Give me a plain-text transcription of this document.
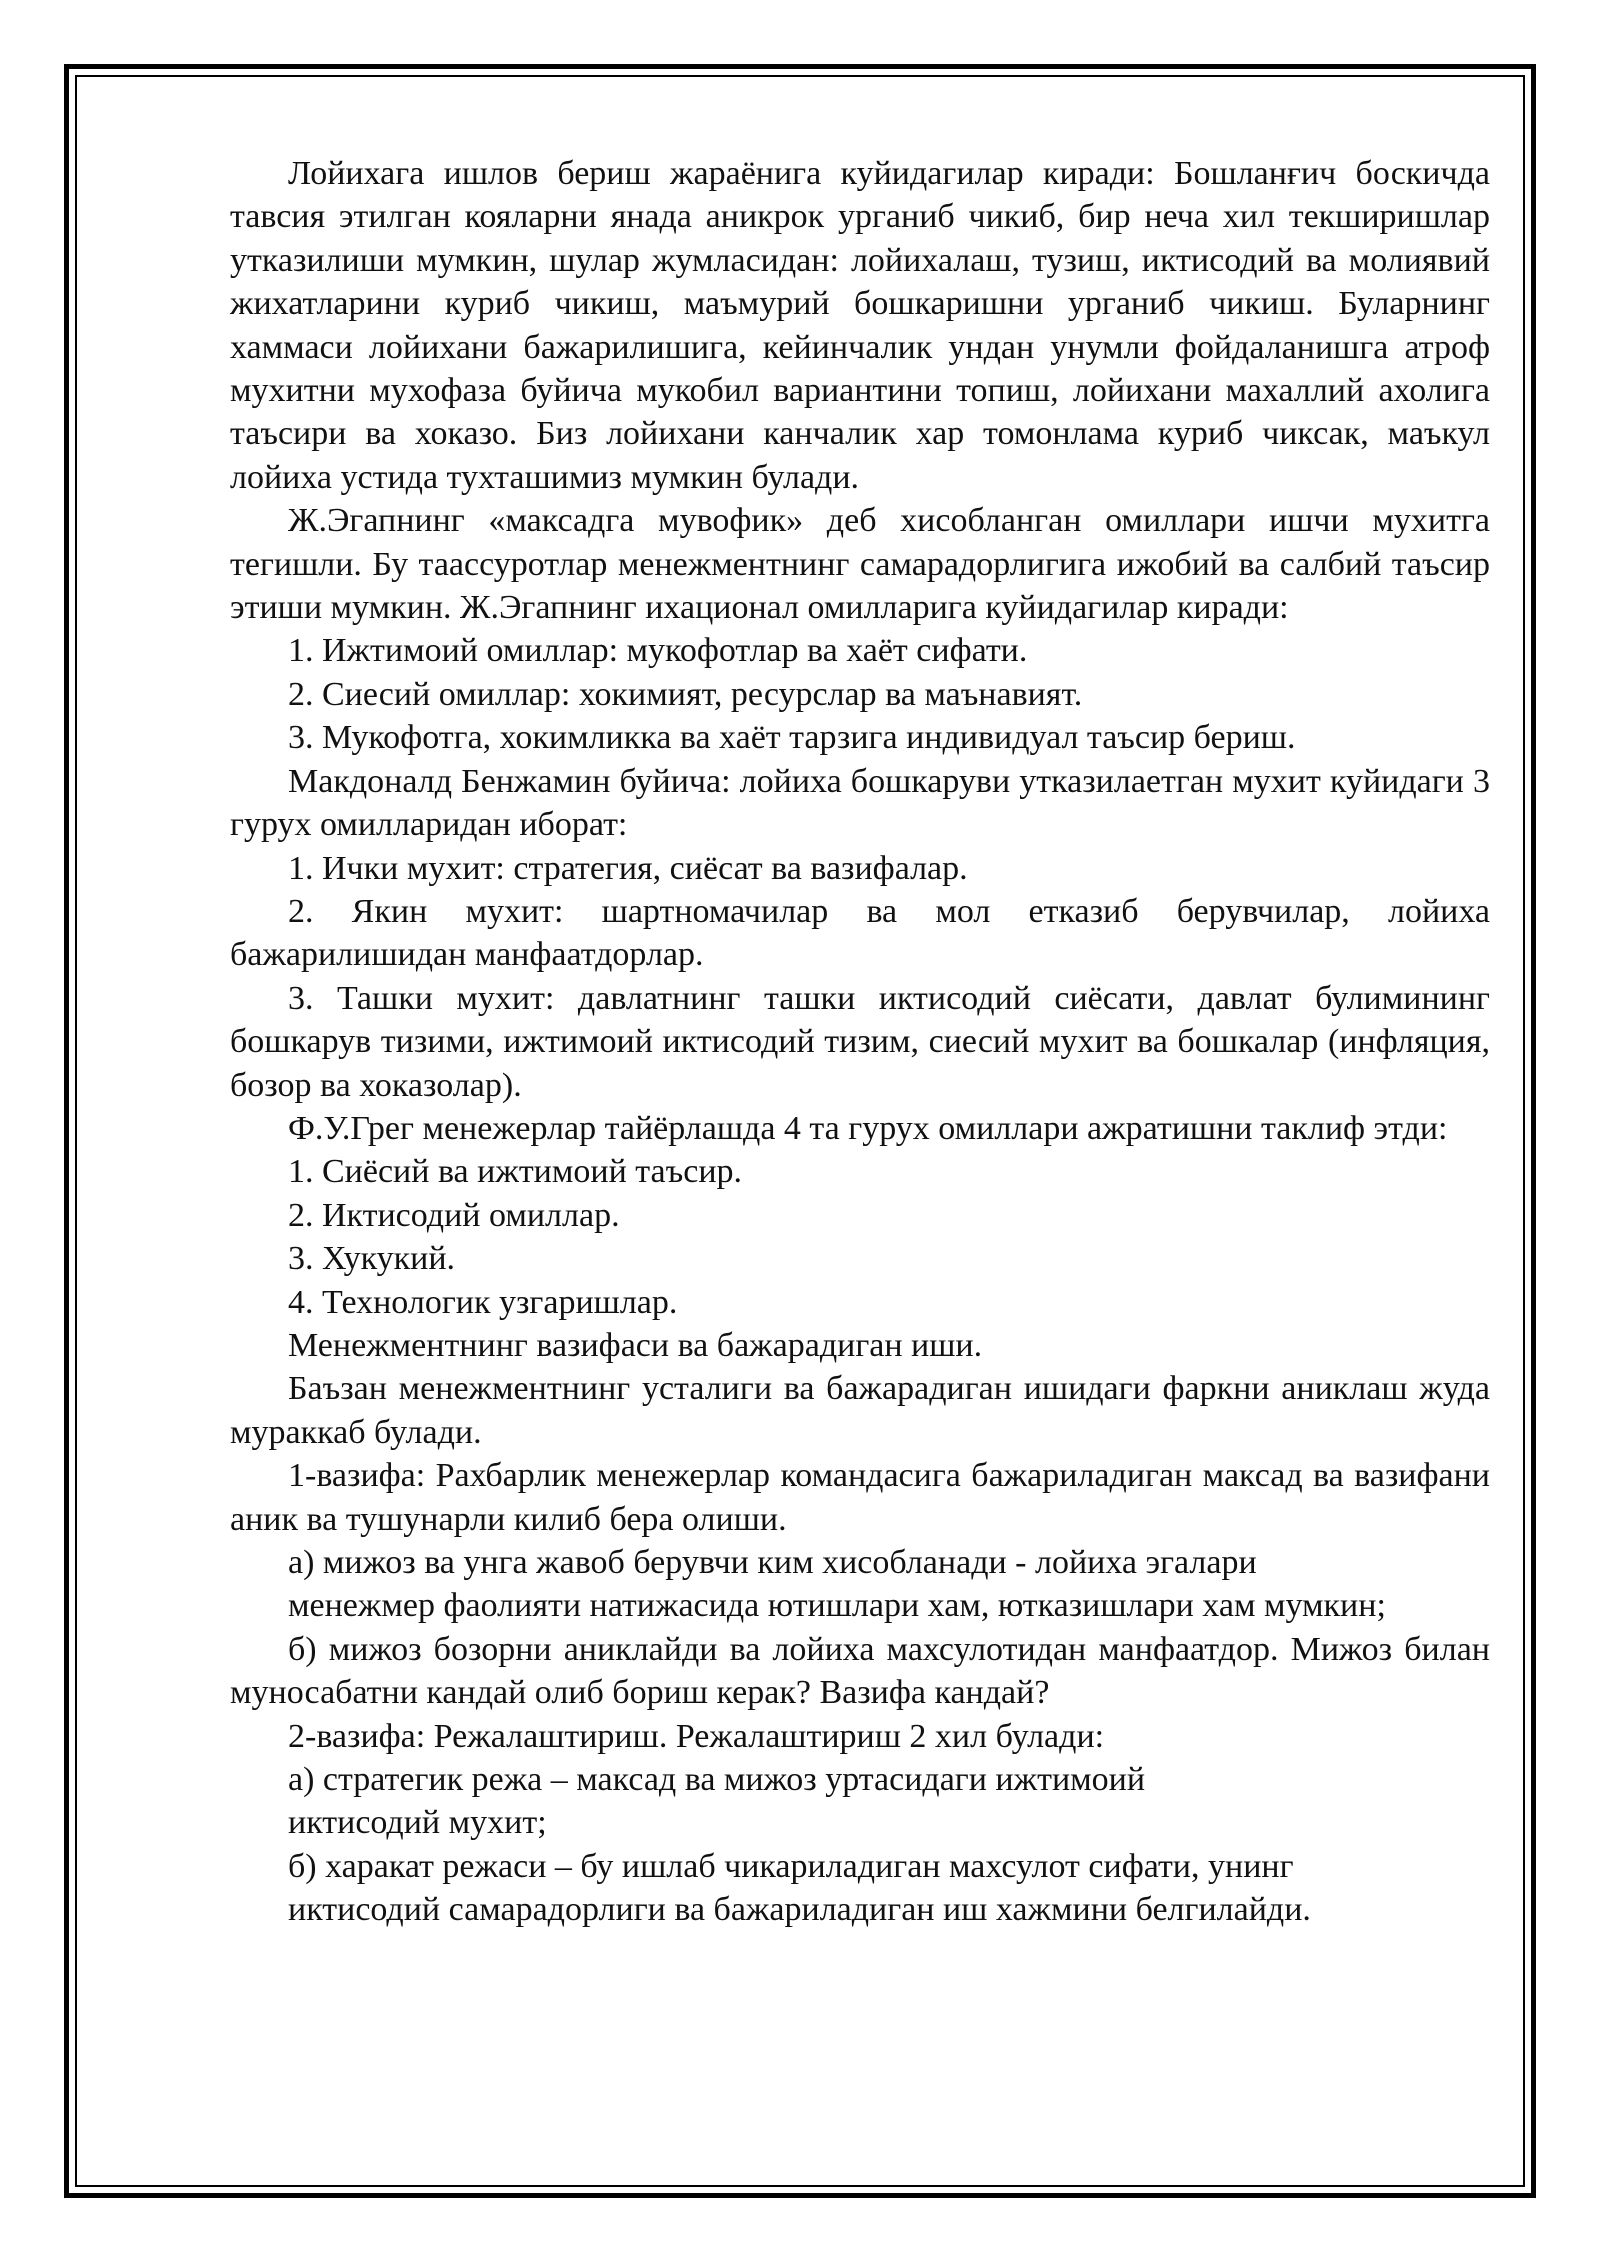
Лойихага ишлов бериш жараёнига куйидагилар киради: Бошланғич боскичда тавсия этилган кояларни янада аникрок урганиб чикиб, бир неча хил текширишлар утказилиши мумкин, шулар жумласидан: лойихалаш, тузиш, иктисодий ва молиявий жихатларини куриб чикиш, маъмурий бошкаришни урганиб чикиш. Буларнинг хаммаси лойихани бажарилишига, кейинчалик ундан унумли фойдаланишга атроф мухитни мухофаза буйича мукобил вариантини топиш, лойихани махаллий ахолига таъсири ва хоказо. Биз лойихани канчалик хар томонлама куриб чиксак, маъкул лойиха устида тухташимиз мумкин булади.

Ж.Эгапнинг «максадга мувофик» деб хисобланган омиллари ишчи мухитга тегишли. Бу таассуротлар менежментнинг самарадорлигига ижобий ва салбий таъсир этиши мумкин. Ж.Эгапнинг ихационал омилларига куйидагилар киради:

1. Ижтимоий омиллар: мукофотлар ва хаёт сифати.

2. Сиесий омиллар: хокимият, ресурслар ва маънавият.

3. Мукофотга, хокимликка ва хаёт тарзига индивидуал таъсир бериш.

Макдоналд Бенжамин буйича: лойиха бошкаруви утказилаетган мухит куйидаги 3 гурух омилларидан иборат:

1. Ички мухит: стратегия, сиёсат ва вазифалар.

2. Якин мухит: шартномачилар ва мол етказиб берувчилар, лойиха бажарилишидан манфаатдорлар.

3. Ташки мухит: давлатнинг ташки иктисодий сиёсати, давлат булимининг бошкарув тизими, ижтимоий иктисодий тизим, сиесий мухит ва бошкалар (инфляция, бозор ва хоказолар).

Ф.У.Грег менежерлар тайёрлашда 4 та гурух омиллари ажратишни таклиф этди:

1. Сиёсий ва ижтимоий таъсир.

2. Иктисодий омиллар.

3. Хукукий.

4. Технологик узгаришлар.

Менежментнинг вазифаси ва бажарадиган иши.

Баъзан менежментнинг усталиги ва бажарадиган ишидаги фаркни аниклаш жуда мураккаб булади.

1-вазифа: Рахбарлик менежерлар командасига бажариладиган максад ва вазифани аник ва тушунарли килиб бера олиши.

а) мижоз ва унга жавоб берувчи ким хисобланади - лойиха эгалари

менежмер фаолияти натижасида ютишлари хам, ютказишлари хам мумкин;

б) мижоз бозорни аниклайди ва лойиха махсулотидан манфаатдор. Мижоз билан муносабатни кандай олиб бориш керак? Вазифа кандай?

2-вазифа: Режалаштириш. Режалаштириш 2 хил булади:

а) стратегик режа – максад ва мижоз уртасидаги ижтимоий

иктисодий мухит;

б) харакат режаси – бу ишлаб чикариладиган махсулот сифати, унинг

иктисодий самарадорлиги ва бажариладиган иш хажмини белгилайди.
